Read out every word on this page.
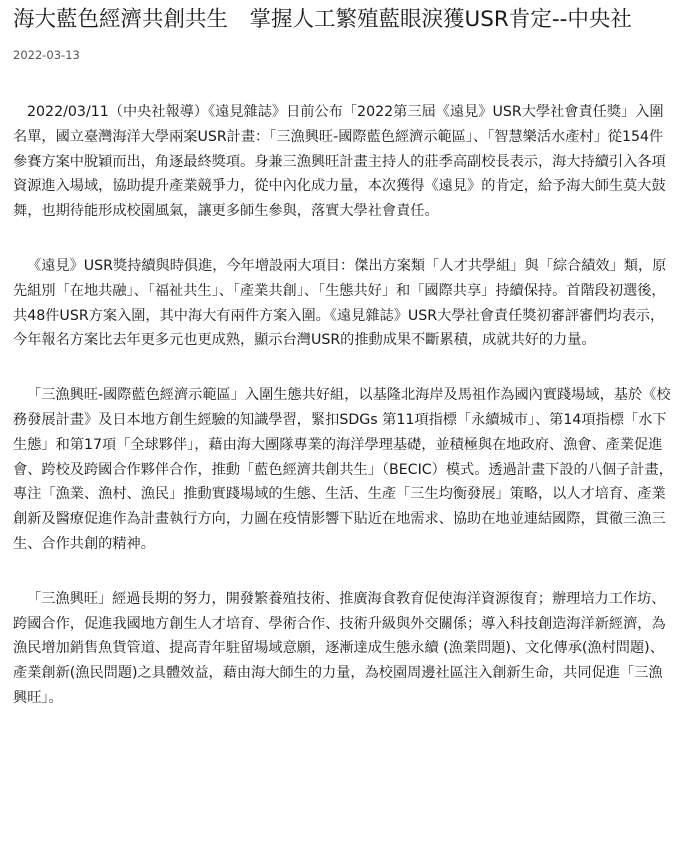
海大藍色經濟共創共生　掌握人工繁殖藍眼淚獲USR肯定--中央社
2022-03-13

2022/03/11（中央社報導）《遠見雜誌》日前公布「2022第三屆《遠見》USR大學社會責任獎」入圍名單，國立臺灣海洋大學兩案USR計畫：「三漁興旺-國際藍色經濟示範區」、「智慧樂活水產村」從154件參賽方案中脫穎而出，角逐最終獎項。身兼三漁興旺計畫主持人的莊季高副校長表示，海大持續引入各項資源進入場域，協助提升產業競爭力，從中內化成力量，本次獲得《遠見》的肯定，給予海大師生莫大鼓舞，也期待能形成校園風氣，讓更多師生參與，落實大學社會責任。

《遠見》USR獎持續與時俱進，今年增設兩大項目：傑出方案類「人才共學組」與「綜合績效」類，原先組別「在地共融」、「福祉共生」、「產業共創」、「生態共好」和「國際共享」持續保持。首階段初選後，共48件USR方案入圍，其中海大有兩件方案入圍。《遠見雜誌》USR大學社會責任獎初審評審們均表示，今年報名方案比去年更多元也更成熟，顯示台灣USR的推動成果不斷累積，成就共好的力量。

「三漁興旺-國際藍色經濟示範區」入圍生態共好組，以基隆北海岸及馬祖作為國內實踐場域，基於《校務發展計畫》及日本地方創生經驗的知識學習，緊扣SDGs 第11項指標「永續城市」、第14項指標「水下生態」和第17項「全球夥伴」，藉由海大團隊專業的海洋學理基礎，並積極與在地政府、漁會、產業促進會、跨校及跨國合作夥伴合作，推動「藍色經濟共創共生」（BECIC）模式。透過計畫下設的八個子計畫，專注「漁業、漁村、漁民」推動實踐場域的生態、生活、生產「三生均衡發展」策略，以人才培育、產業創新及醫療促進作為計畫執行方向，力圖在疫情影響下貼近在地需求、協助在地並連結國際，貫徹三漁三生、合作共創的精神。

「三漁興旺」經過長期的努力，開發繁養殖技術、推廣海食教育促使海洋資源復育；辦理培力工作坊、跨國合作，促進我國地方創生人才培育、學術合作、技術升級與外交關係；導入科技創造海洋新經濟，為漁民增加銷售魚貨管道、提高青年駐留場域意願，逐漸達成生態永續 (漁業問題)、文化傳承(漁村問題)、產業創新(漁民問題)之具體效益，藉由海大師生的力量，為校園周邊社區注入創新生命，共同促進「三漁興旺」。
